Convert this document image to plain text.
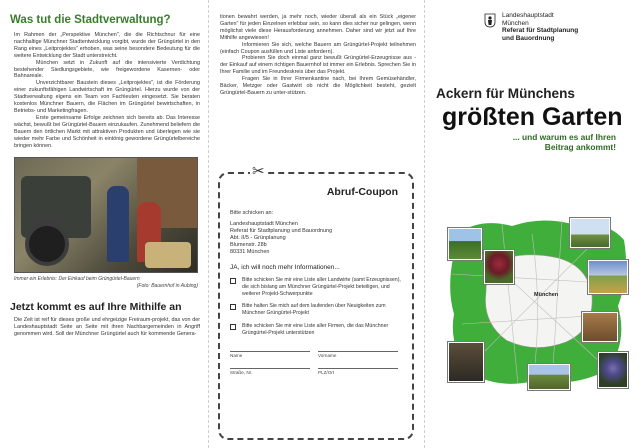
Was tut die Stadtverwaltung?

Im Rahmen der „Perspektive München", die die Richtschnur für eine nachhaltige Münchner Stadtentwicklung vorgibt, wurde der Grüngürtel in den Rang eines „Leitprojektes" erhoben, was seine besondere Bedeutung für die weitere Entwicklung der Stadt unterstreicht.

München setzt in Zukunft auf die intensivierte Verdichtung bestehender Siedlungsgebiete, wie freigewordene Kasernen- oder Bahnareale.

Unverzichtbarer Baustein dieses „Leitprojektes", ist die Förderung einer zukunftsfähigen Landwirtschaft im Grüngürtel. Hierzu wurde von der Stadtverwaltung eigens ein Team von Fachleuten eingesetzt. Sie beraten kostenlos Münchner Bauern, die Flächen im Grüngürtel bewirtschaften, in Betriebs- und Marketingfragen.

Erste gemeinsame Erfolge zeichnen sich bereits ab. Das Interesse wächst, bewußt bei Grüngürtel-Bauern einzukaufen. Zunehmend beliefern die Bauern den örtlichen Markt mit attraktiven Produkten und überlegen wie sie wieder mehr Farbe und Schönheit in eintönig gewordene Grüngürtelbereiche bringen können.

Immer ein Erlebnis: Der Einkauf beim Grüngürtel-Bauern
(Foto: Bauernhof in Aubing)
Jetzt kommt es auf Ihre Mithilfe an

Die Zeit ist reif für dieses große und ehrgeizige Freiraum-projekt, das von der Landeshauptstadt Seite an Seite mit ihren Nachbargemeinden in Angriff genommen wird. Soll der Münchner Grüngürtel auch für kommende Genera-

tionen bewahrt werden, ja mehr noch, wieder überall als ein Stück „eigener Garten" für jeden Einzelnen erlebbar sein, so kann dies sicher nur gelingen, wenn möglichst viele diese Herausforderung annehmen. Daher sind wir jetzt auf Ihre Mithilfe angewiesen!

Informieren Sie sich, welche Bauern am Grüngürtel-Projekt teilnehmen (einfach Coupon ausfüllen und Liste anfordern).

Probieren Sie doch einmal ganz bewußt Grüngürtel-Erzeugnisse aus - der Einkauf auf einem richtigen Bauernhof ist immer ein Erlebnis. Sprechen Sie in Ihrer Familie und im Freundeskreis über das Projekt.

Fragen Sie in Ihrer Firmenkantine nach, bei Ihrem Gemüsehändler, Bäcker, Metzger oder Gastwirt ob nicht die Möglichkeit besteht, gezielt Grüngürtel-Bauern zu unter-stützen.

Abruf-Coupon
Bitte schicken an:
Landeshauptstadt München
Referat für Stadtplanung und Bauordnung
Abt. II/5 - Grünplanung
Blumenstr. 28b
80331 München
JA, ich will noch mehr Informationen...
Bitte schicken Sie mir eine Liste aller Landwirte (samt Erzeugnissen), die sich bislang am Münchner Grüngürtel-Projekt beteiligen, und weiterer Projekt-Schwerpunkte
Bitte halten Sie mich auf dem laufenden über Neuigkeiten zum Münchner Grüngürtel-Projekt
Bitte schicken Sie mir eine Liste aller Firmen, die das Münchner Grüngürtel-Projekt unterstützen
Name	Vorname
Straße, Nr.	PLZ/Ort
✂
Landeshauptstadt
München
Referat für Stadtplanung
und Bauordnung
Ackern für Münchens
größten Garten
... und warum es auf Ihren
Beitrag ankommt!
München
